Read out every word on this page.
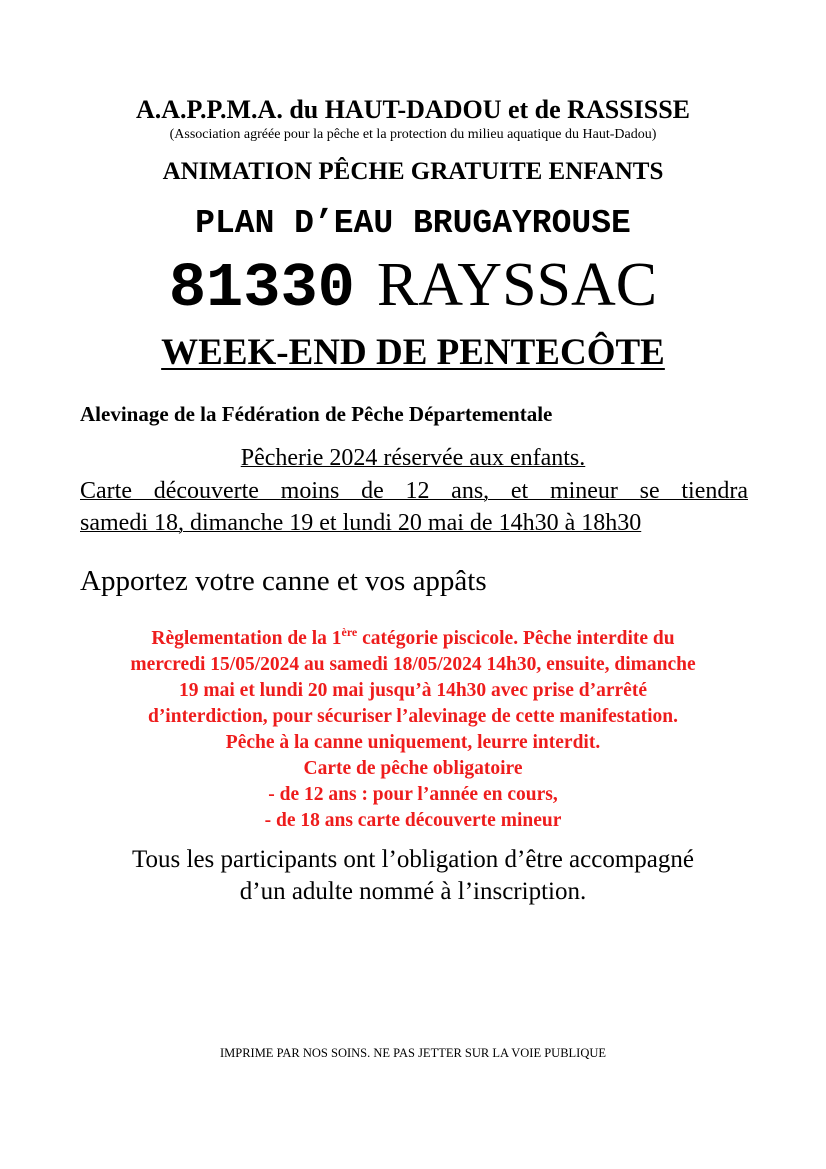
A.A.P.P.M.A. du HAUT-DADOU et de RASSISSE
(Association agréée pour la pêche et la protection du milieu aquatique du Haut-Dadou)
ANIMATION PÊCHE GRATUITE ENFANTS
PLAN D’EAU BRUGAYROUSE
81330 RAYSSAC
WEEK-END DE PENTECÔTE
Alevinage de la Fédération de Pêche Départementale
Pêcherie 2024 réservée aux enfants.
Carte découverte moins de 12 ans, et mineur se tiendra
samedi 18, dimanche 19 et lundi 20 mai de 14h30 à 18h30
Apportez votre canne et vos appâts
Règlementation de la 1ère catégorie piscicole. Pêche interdite du
mercredi 15/05/2024 au samedi 18/05/2024 14h30, ensuite, dimanche
19 mai et lundi 20 mai jusqu’à 14h30 avec prise d’arrêté
d’interdiction, pour sécuriser l’alevinage de cette manifestation.
Pêche à la canne uniquement, leurre interdit.
Carte de pêche obligatoire
- de 12 ans : pour l’année en cours,
- de 18 ans carte découverte mineur
Tous les participants ont l’obligation d’être accompagné
d’un adulte nommé à l’inscription.
IMPRIME PAR NOS SOINS. NE PAS JETTER SUR LA VOIE PUBLIQUE
